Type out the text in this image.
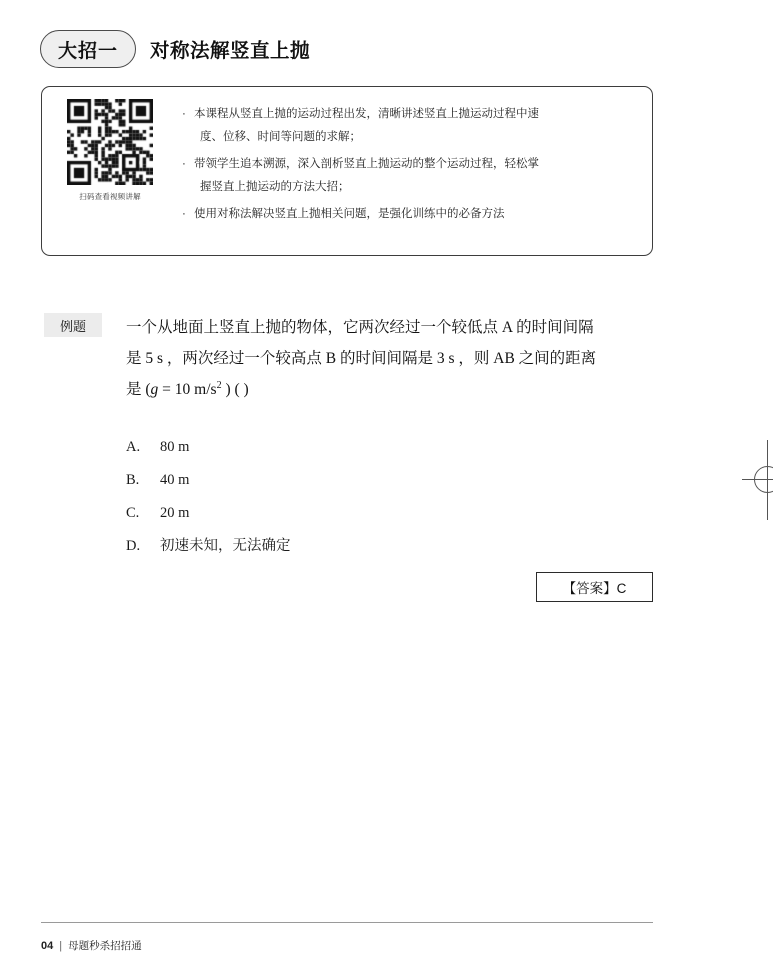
大招一	对称法解竖直上抛
扫码查看视频讲解
· 本课程从竖直上抛的运动过程出发，清晰讲述竖直上抛运动过程中速
度、位移、时间等问题的求解；
· 带领学生追本溯源，深入剖析竖直上抛运动的整个运动过程，轻松掌
握竖直上抛运动的方法大招；
· 使用对称法解决竖直上抛相关问题，是强化训练中的必备方法
例题	一个从地面上竖直上抛的物体，它两次经过一个较低点 A 的时间间隔
是 5 s ，两次经过一个较高点 B 的时间间隔是 3 s ，则 AB 之间的距离
是 (g = 10 $m/s^2$ ) ( )
A.	80 m
B.	40 m
C.	20 m
D.	初速未知，无法确定
【答案】C
04 | 母题秒杀招招通
